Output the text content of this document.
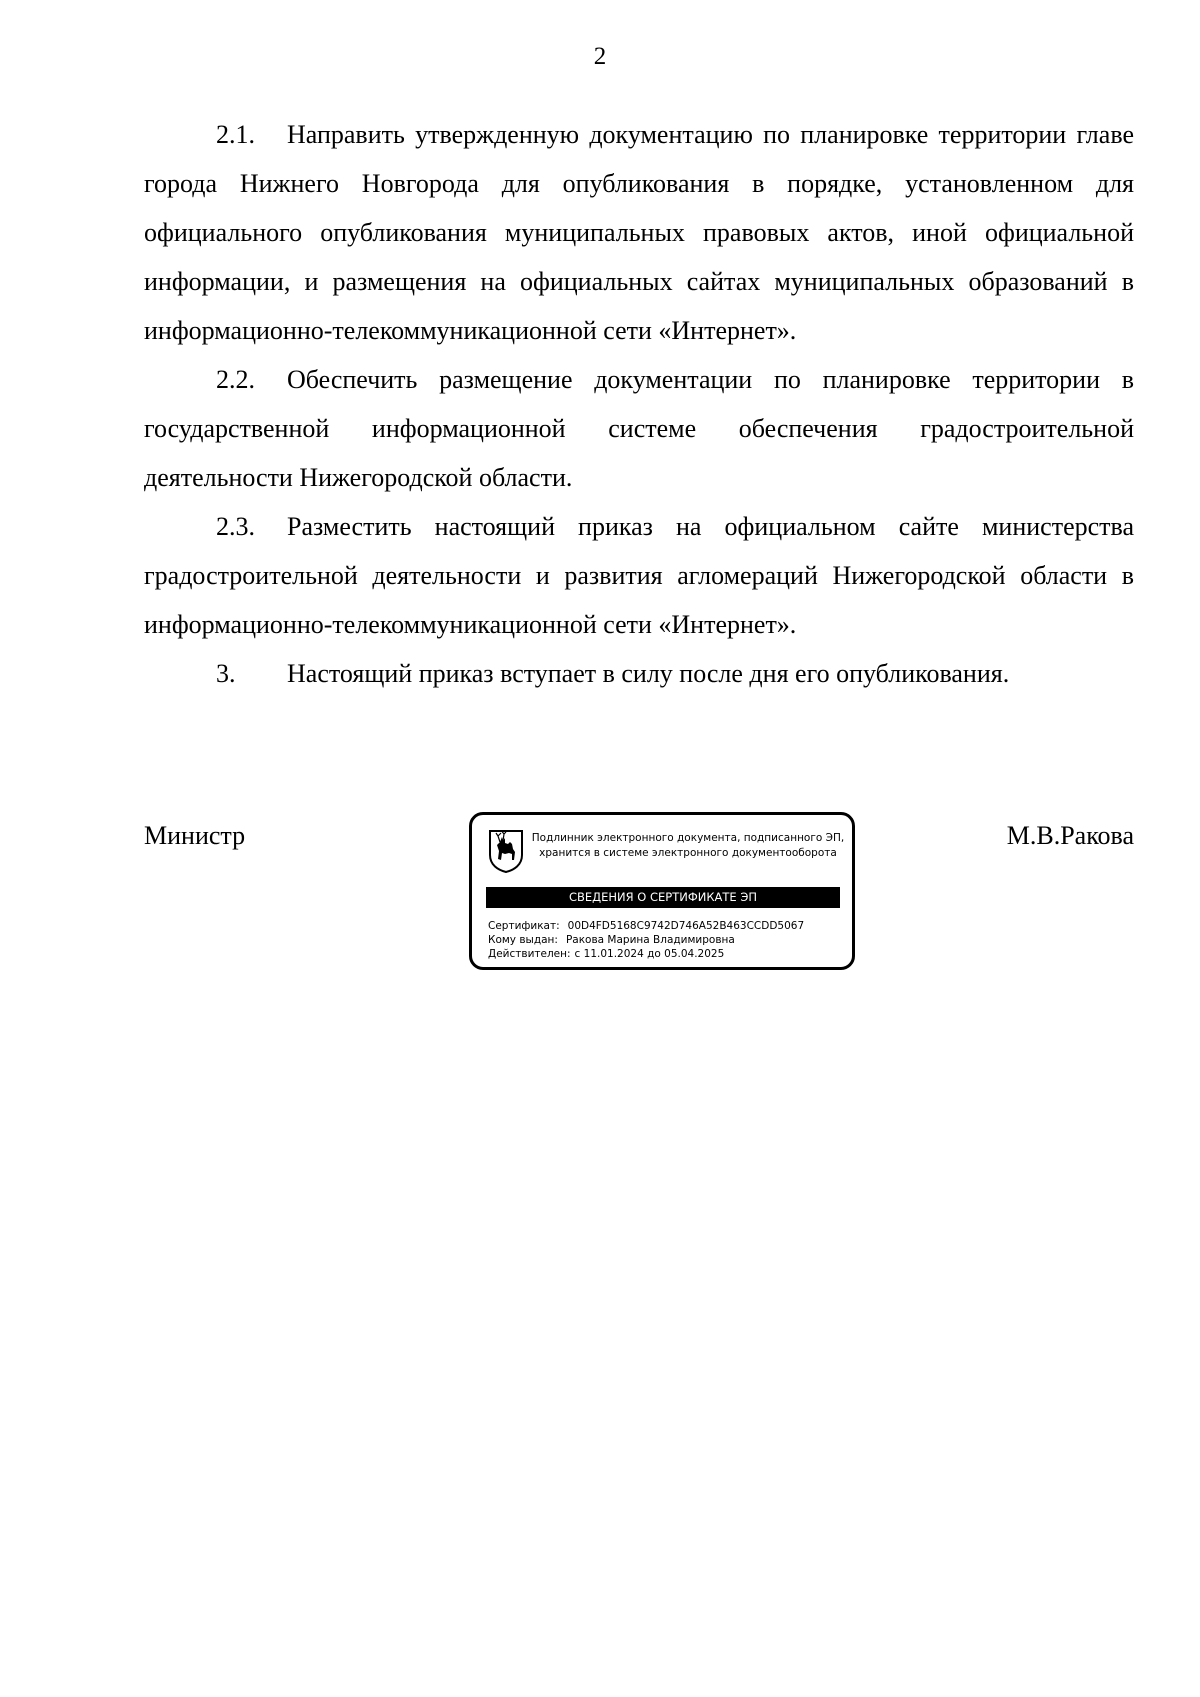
2

2.1. Направить утвержденную документацию по планировке территории главе города Нижнего Новгорода для опубликования в порядке, установленном для официального опубликования муниципальных правовых актов, иной официальной информации, и размещения на официальных сайтах муниципальных образований в информационно-телекоммуникационной сети «Интернет».

2.2. Обеспечить размещение документации по планировке территории в государственной информационной системе обеспечения градостроительной деятельности Нижегородской области.

2.3. Разместить настоящий приказ на официальном сайте министерства градостроительной деятельности и развития агломераций Нижегородской области в информационно-телекоммуникационной сети «Интернет».

3. Настоящий приказ вступает в силу после дня его опубликования.

Министр	М.В.Ракова
Подлинник электронного документа, подписанного ЭП,
хранится в системе электронного документооборота
СВЕДЕНИЯ О СЕРТИФИКАТЕ ЭП
Сертификат: 00D4FD5168C9742D746A52B463CCDD5067
Кому выдан: Ракова Марина Владимировна
Действителен: с 11.01.2024 до 05.04.2025
